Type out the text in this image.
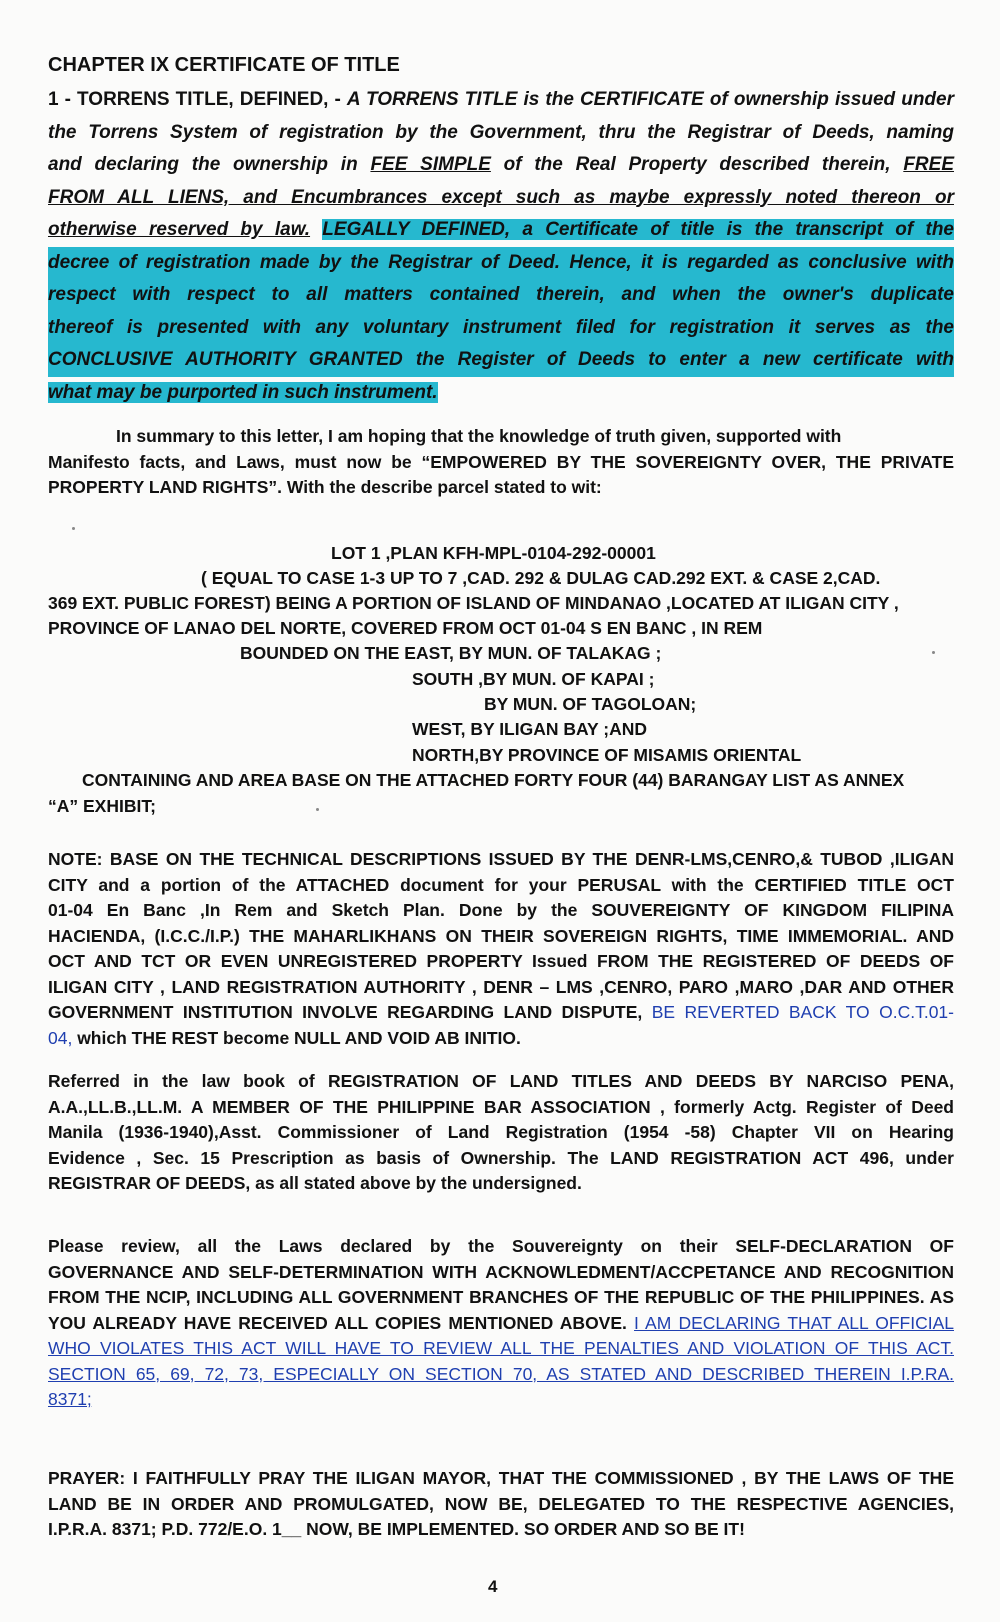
CHAPTER IX CERTIFICATE OF TITLE
1 - TORRENS TITLE, DEFINED, - A TORRENS TITLE is the CERTIFICATE of ownership issued under
the Torrens System of registration by the Government, thru the Registrar of Deeds, naming
and declaring the ownership in FEE SIMPLE of the Real Property described therein, FREE
FROM ALL LIENS, and Encumbrances except such as maybe expressly noted thereon or
otherwise reserved by law. LEGALLY DEFINED, a Certificate of title is the transcript of the
decree of registration made by the Registrar of Deed. Hence, it is regarded as conclusive with
respect with respect to all matters contained therein, and when the owner's duplicate
thereof is presented with any voluntary instrument filed for registration it serves as the
CONCLUSIVE AUTHORITY GRANTED the Register of Deeds to enter a new certificate with
what may be purported in such instrument.
In summary to this letter, I am hoping that the knowledge of truth given, supported with
Manifesto facts, and Laws, must now be “EMPOWERED BY THE SOVEREIGNTY OVER, THE PRIVATE
PROPERTY LAND RIGHTS”. With the describe parcel stated to wit:
LOT 1 ,PLAN KFH-MPL-0104-292-00001
( EQUAL TO CASE 1-3 UP TO 7 ,CAD. 292 & DULAG CAD.292 EXT. & CASE 2,CAD.
369 EXT. PUBLIC FOREST) BEING A PORTION OF ISLAND OF MINDANAO ,LOCATED AT ILIGAN CITY ,
PROVINCE OF LANAO DEL NORTE, COVERED FROM OCT 01-04 S EN BANC , IN REM
BOUNDED ON THE EAST, BY MUN. OF TALAKAG ;
SOUTH ,BY MUN. OF KAPAI ;
BY MUN. OF TAGOLOAN;
WEST, BY ILIGAN BAY ;AND
NORTH,BY PROVINCE OF MISAMIS ORIENTAL
CONTAINING AND AREA BASE ON THE ATTACHED FORTY FOUR (44) BARANGAY LIST AS ANNEX
“A” EXHIBIT;
NOTE: BASE ON THE TECHNICAL DESCRIPTIONS ISSUED BY THE DENR-LMS,CENRO,& TUBOD ,ILIGAN
CITY and a portion of the ATTACHED document for your PERUSAL with the CERTIFIED TITLE OCT
01-04 En Banc ,In Rem and Sketch Plan. Done by the SOUVEREIGNTY OF KINGDOM FILIPINA
HACIENDA, (I.C.C./I.P.) THE MAHARLIKHANS ON THEIR SOVEREIGN RIGHTS, TIME IMMEMORIAL. AND
OCT AND TCT OR EVEN UNREGISTERED PROPERTY Issued FROM THE REGISTERED OF DEEDS OF
ILIGAN CITY , LAND REGISTRATION AUTHORITY , DENR – LMS ,CENRO, PARO ,MARO ,DAR AND OTHER
GOVERNMENT INSTITUTION INVOLVE REGARDING LAND DISPUTE, BE REVERTED BACK TO O.C.T.01-
04, which THE REST become NULL AND VOID AB INITIO.
Referred in the law book of REGISTRATION OF LAND TITLES AND DEEDS BY NARCISO PENA,
A.A.,LL.B.,LL.M. A MEMBER OF THE PHILIPPINE BAR ASSOCIATION , formerly Actg. Register of Deed
Manila (1936-1940),Asst. Commissioner of Land Registration (1954 -58) Chapter VII on Hearing
Evidence , Sec. 15 Prescription as basis of Ownership. The LAND REGISTRATION ACT 496, under
REGISTRAR OF DEEDS, as all stated above by the undersigned.
Please review, all the Laws declared by the Souvereignty on their SELF-DECLARATION OF
GOVERNANCE AND SELF-DETERMINATION WITH ACKNOWLEDMENT/ACCPETANCE AND RECOGNITION
FROM THE NCIP, INCLUDING ALL GOVERNMENT BRANCHES OF THE REPUBLIC OF THE PHILIPPINES. AS
YOU ALREADY HAVE RECEIVED ALL COPIES MENTIONED ABOVE. I AM DECLARING THAT ALL OFFICIAL
WHO VIOLATES THIS ACT WILL HAVE TO REVIEW ALL THE PENALTIES AND VIOLATION OF THIS ACT.
SECTION 65, 69, 72, 73, ESPECIALLY ON SECTION 70, AS STATED AND DESCRIBED THEREIN I.P.RA.
8371;
PRAYER: I FAITHFULLY PRAY THE ILIGAN MAYOR, THAT THE COMMISSIONED , BY THE LAWS OF THE
LAND BE IN ORDER AND PROMULGATED, NOW BE, DELEGATED TO THE RESPECTIVE AGENCIES,
I.P.R.A. 8371; P.D. 772/E.O. 1__ NOW, BE IMPLEMENTED. SO ORDER AND SO BE IT!
4
